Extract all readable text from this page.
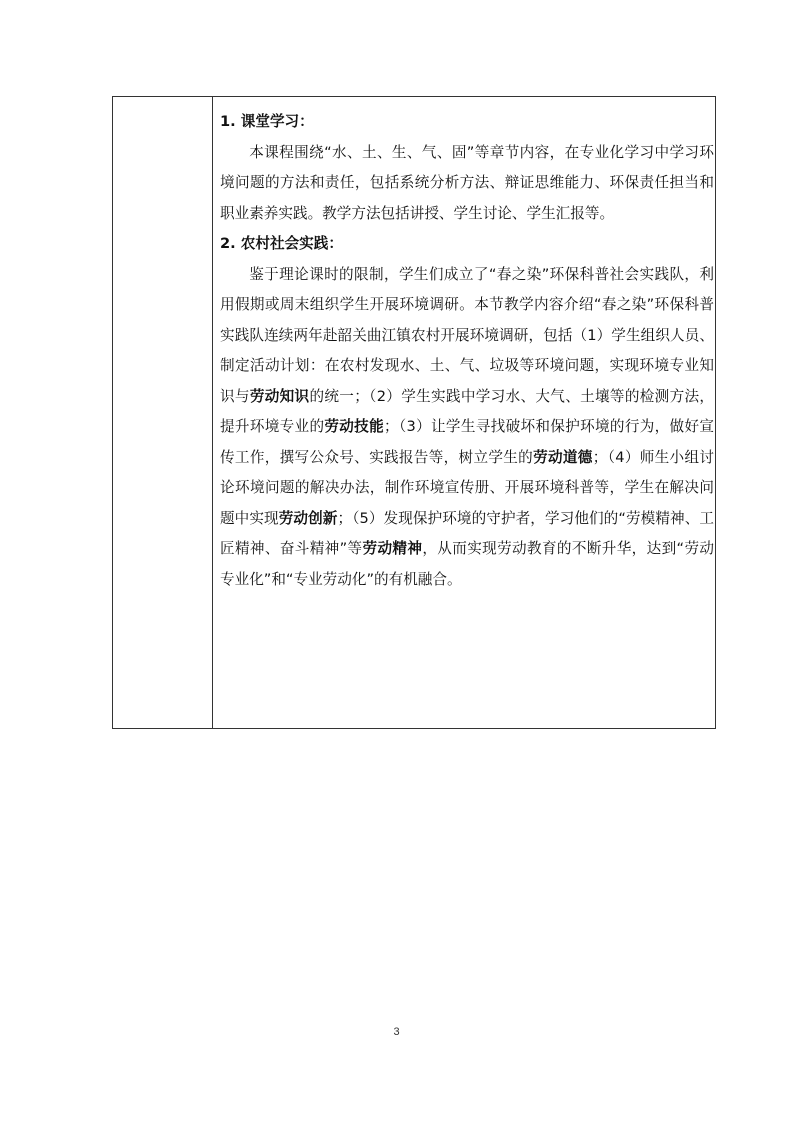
1. 课堂学习：

本课程围绕“水、土、生、气、固”等章节内容，在专业化学习中学习环境问题的方法和责任，包括系统分析方法、辩证思维能力、环保责任担当和职业素养实践。教学方法包括讲授、学生讨论、学生汇报等。

2. 农村社会实践：

鉴于理论课时的限制，学生们成立了“春之染”环保科普社会实践队，利用假期或周末组织学生开展环境调研。本节教学内容介绍“春之染”环保科普实践队连续两年赴韶关曲江镇农村开展环境调研，包括（1）学生组织人员、制定活动计划：在农村发现水、土、气、垃圾等环境问题，实现环境专业知识与劳动知识的统一；（2）学生实践中学习水、大气、土壤等的检测方法，提升环境专业的劳动技能；（3）让学生寻找破坏和保护环境的行为，做好宣传工作，撰写公众号、实践报告等，树立学生的劳动道德；（4）师生小组讨论环境问题的解决办法，制作环境宣传册、开展环境科普等，学生在解决问题中实现劳动创新；（5）发现保护环境的守护者，学习他们的“劳模精神、工匠精神、奋斗精神”等劳动精神，从而实现劳动教育的不断升华，达到“劳动专业化”和“专业劳动化”的有机融合。

3
